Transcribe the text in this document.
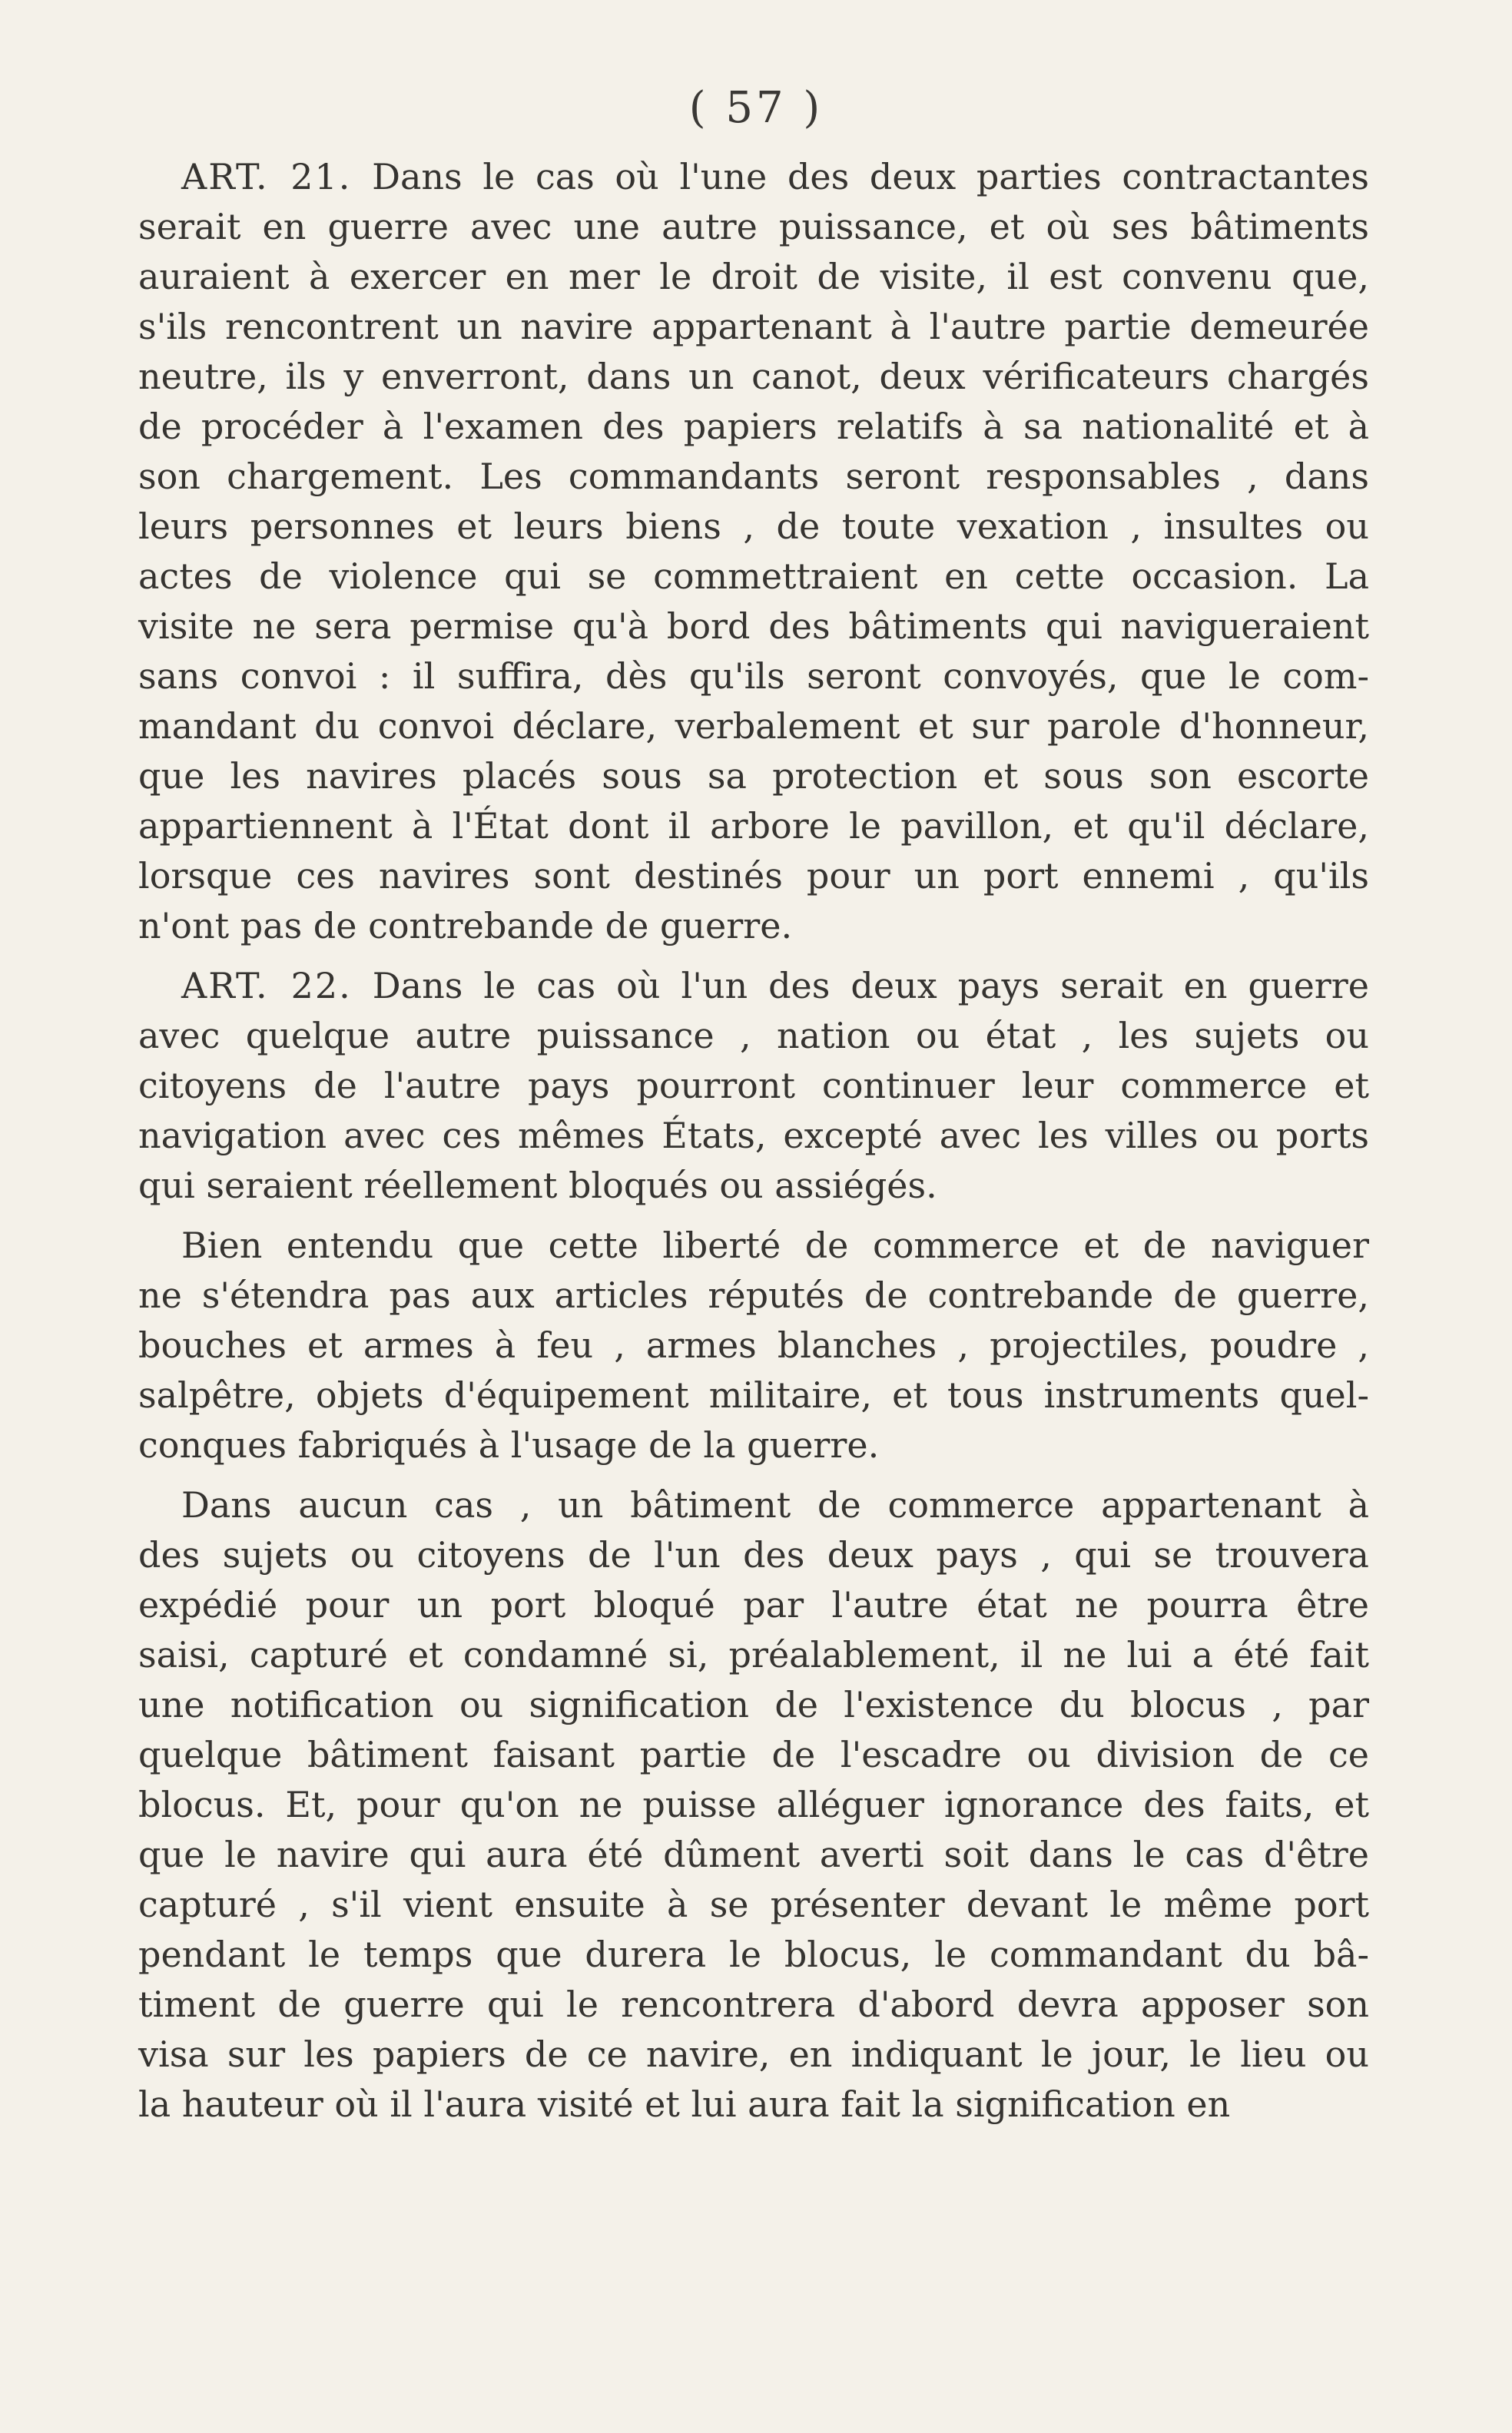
( 57 )
ART. 21. Dans le cas où l'une des deux parties contractantes
serait en guerre avec une autre puissance, et où ses bâtiments
auraient à exercer en mer le droit de visite, il est convenu que,
s'ils rencontrent un navire appartenant à l'autre partie demeurée
neutre, ils y enverront, dans un canot, deux vérificateurs chargés
de procéder à l'examen des papiers relatifs à sa nationalité et à
son chargement. Les commandants seront responsables , dans
leurs personnes et leurs biens , de toute vexation , insultes ou
actes de violence qui se commettraient en cette occasion. La
visite ne sera permise qu'à bord des bâtiments qui navigueraient
sans convoi : il suffira, dès qu'ils seront convoyés, que le com-
mandant du convoi déclare, verbalement et sur parole d'honneur,
que les navires placés sous sa protection et sous son escorte
appartiennent à l'État dont il arbore le pavillon, et qu'il déclare,
lorsque ces navires sont destinés pour un port ennemi , qu'ils
n'ont pas de contrebande de guerre.
ART. 22. Dans le cas où l'un des deux pays serait en guerre
avec quelque autre puissance , nation ou état , les sujets ou
citoyens de l'autre pays pourront continuer leur commerce et
navigation avec ces mêmes États, excepté avec les villes ou ports
qui seraient réellement bloqués ou assiégés.
Bien entendu que cette liberté de commerce et de naviguer
ne s'étendra pas aux articles réputés de contrebande de guerre,
bouches et armes à feu , armes blanches , projectiles, poudre ,
salpêtre, objets d'équipement militaire, et tous instruments quel-
conques fabriqués à l'usage de la guerre.
Dans aucun cas , un bâtiment de commerce appartenant à
des sujets ou citoyens de l'un des deux pays , qui se trouvera
expédié pour un port bloqué par l'autre état ne pourra être
saisi, capturé et condamné si, préalablement, il ne lui a été fait
une notification ou signification de l'existence du blocus , par
quelque bâtiment faisant partie de l'escadre ou division de ce
blocus. Et, pour qu'on ne puisse alléguer ignorance des faits, et
que le navire qui aura été dûment averti soit dans le cas d'être
capturé , s'il vient ensuite à se présenter devant le même port
pendant le temps que durera le blocus, le commandant du bâ-
timent de guerre qui le rencontrera d'abord devra apposer son
visa sur les papiers de ce navire, en indiquant le jour, le lieu ou
la hauteur où il l'aura visité et lui aura fait la signification en
